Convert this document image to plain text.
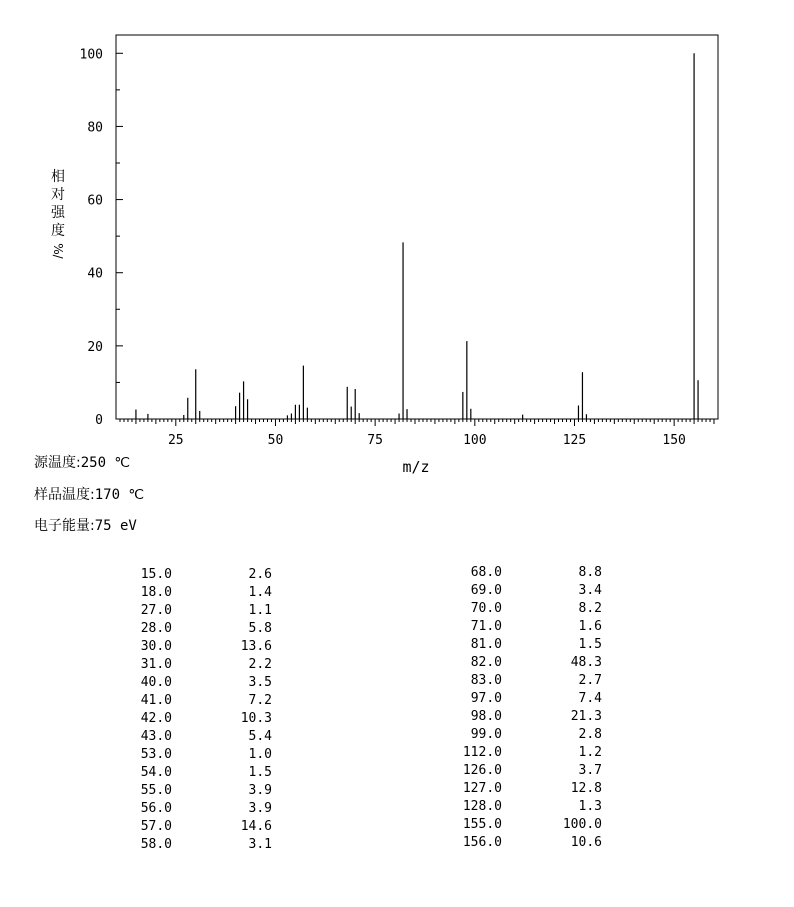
0
20
40
60
80
100
25	50	75	100	125	150
m/z
相
对
强
度
%/
源温度:250 ℃
样品温度:170 ℃
电子能量:75 eV
15.0	2.6
18.0	1.4
27.0	1.1
28.0	5.8
30.0	13.6
31.0	2.2
40.0	3.5
41.0	7.2
42.0	10.3
43.0	5.4
53.0	1.0
54.0	1.5
55.0	3.9
56.0	3.9
57.0	14.6
58.0	3.1
68.0	8.8
69.0	3.4
70.0	8.2
71.0	1.6
81.0	1.5
82.0	48.3
83.0	2.7
97.0	7.4
98.0	21.3
99.0	2.8
112.0	1.2
126.0	3.7
127.0	12.8
128.0	1.3
155.0	100.0
156.0	10.6
